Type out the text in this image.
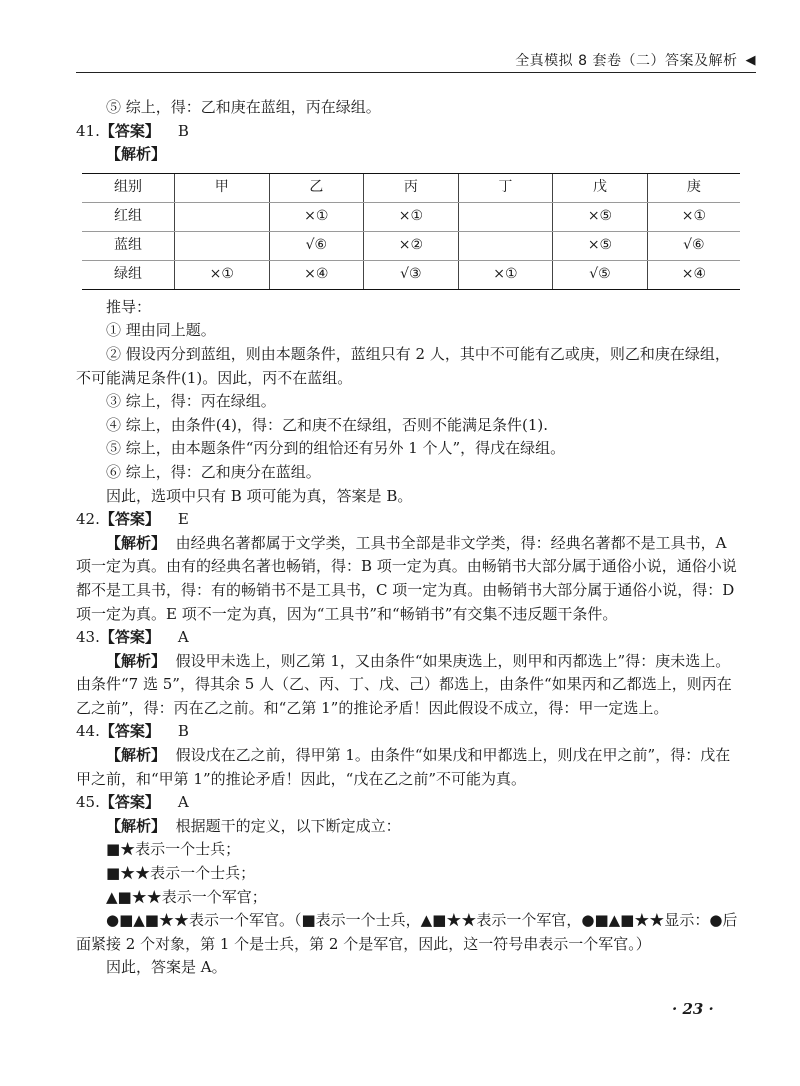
全真模拟 8 套卷（二）答案及解析 ◀

⑤ 综上，得：乙和庚在蓝组，丙在绿组。

41.【答案】 B

【解析】

组别	甲	乙	丙	丁	戊	庚
红组		×①	×①		×⑤	×①
蓝组		√⑥	×②		×⑤	√⑥
绿组	×①	×④	√③	×①	√⑤	×④

推导：

① 理由同上题。

② 假设丙分到蓝组，则由本题条件，蓝组只有 2 人，其中不可能有乙或庚，则乙和庚在绿组，不可能满足条件(1)。因此，丙不在蓝组。

③ 综上，得：丙在绿组。

④ 综上，由条件(4)，得：乙和庚不在绿组，否则不能满足条件(1).

⑤ 综上，由本题条件“丙分到的组恰还有另外 1 个人”，得戊在绿组。

⑥ 综上，得：乙和庚分在蓝组。

因此，选项中只有 B 项可能为真，答案是 B。

42.【答案】 E

【解析】 由经典名著都属于文学类，工具书全部是非文学类，得：经典名著都不是工具书，A 项一定为真。由有的经典名著也畅销，得：B 项一定为真。由畅销书大部分属于通俗小说，通俗小说都不是工具书，得：有的畅销书不是工具书，C 项一定为真。由畅销书大部分属于通俗小说，得：D 项一定为真。E 项不一定为真，因为“工具书”和“畅销书”有交集不违反题干条件。

43.【答案】 A

【解析】 假设甲未选上，则乙第 1，又由条件“如果庚选上，则甲和丙都选上”得：庚未选上。由条件“7 选 5”，得其余 5 人（乙、丙、丁、戊、己）都选上，由条件“如果丙和乙都选上，则丙在乙之前”，得：丙在乙之前。和“乙第 1”的推论矛盾！因此假设不成立，得：甲一定选上。

44.【答案】 B

【解析】 假设戊在乙之前，得甲第 1。由条件“如果戊和甲都选上，则戊在甲之前”，得：戊在甲之前，和“甲第 1”的推论矛盾！因此，“戊在乙之前”不可能为真。

45.【答案】 A

【解析】 根据题干的定义，以下断定成立：

■★表示一个士兵；

■★★表示一个士兵；

▲■★★表示一个军官；

●■▲■★★表示一个军官。（■表示一个士兵，▲■★★表示一个军官，●■▲■★★显示：●后面紧接 2 个对象，第 1 个是士兵，第 2 个是军官，因此，这一符号串表示一个军官。）

因此，答案是 A。

· 23 ·
